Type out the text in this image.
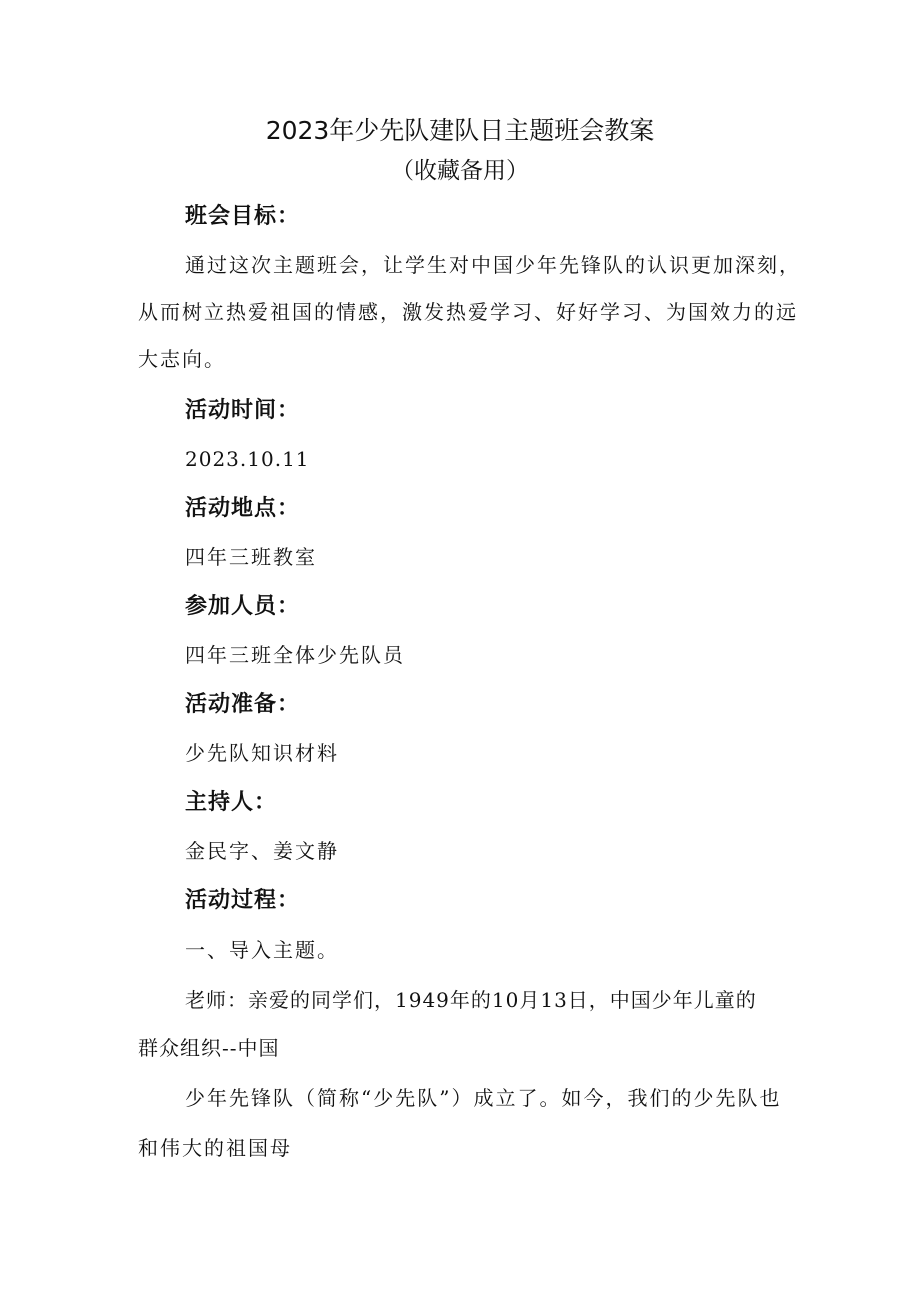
2023年少先队建队日主题班会教案
（收藏备用）
班会目标：
通过这次主题班会，让学生对中国少年先锋队的认识更加深刻，
从而树立热爱祖国的情感，激发热爱学习、好好学习、为国效力的远
大志向。
活动时间：
2023.10.11
活动地点：
四年三班教室
参加人员：
四年三班全体少先队员
活动准备：
少先队知识材料
主持人：
金民字、姜文静
活动过程：
一、导入主题。
老师：亲爱的同学们，1949年的10月13日，中国少年儿童的
群众组织--中国
少年先锋队（简称“少先队”）成立了。如今，我们的少先队也
和伟大的祖国母
